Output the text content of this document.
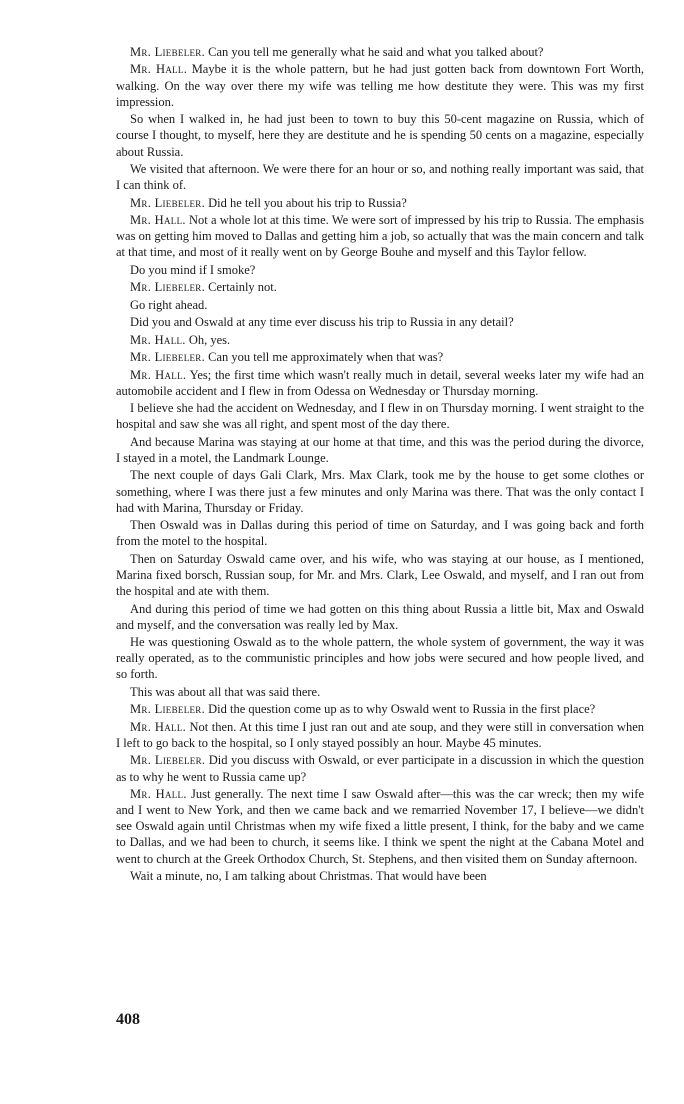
Mr. Liebeler. Can you tell me generally what he said and what you talked about?

Mr. Hall. Maybe it is the whole pattern, but he had just gotten back from downtown Fort Worth, walking. On the way over there my wife was telling me how destitute they were. This was my first impression.

So when I walked in, he had just been to town to buy this 50-cent magazine on Russia, which of course I thought, to myself, here they are destitute and he is spending 50 cents on a magazine, especially about Russia.

We visited that afternoon. We were there for an hour or so, and nothing really important was said, that I can think of.

Mr. Liebeler. Did he tell you about his trip to Russia?

Mr. Hall. Not a whole lot at this time. We were sort of impressed by his trip to Russia. The emphasis was on getting him moved to Dallas and getting him a job, so actually that was the main concern and talk at that time, and most of it really went on by George Bouhe and myself and this Taylor fellow.

Do you mind if I smoke?

Mr. Liebeler. Certainly not.

Go right ahead.

Did you and Oswald at any time ever discuss his trip to Russia in any detail?

Mr. Hall. Oh, yes.

Mr. Liebeler. Can you tell me approximately when that was?

Mr. Hall. Yes; the first time which wasn't really much in detail, several weeks later my wife had an automobile accident and I flew in from Odessa on Wednesday or Thursday morning.

I believe she had the accident on Wednesday, and I flew in on Thursday morning. I went straight to the hospital and saw she was all right, and spent most of the day there.

And because Marina was staying at our home at that time, and this was the period during the divorce, I stayed in a motel, the Landmark Lounge.

The next couple of days Gali Clark, Mrs. Max Clark, took me by the house to get some clothes or something, where I was there just a few minutes and only Marina was there. That was the only contact I had with Marina, Thursday or Friday.

Then Oswald was in Dallas during this period of time on Saturday, and I was going back and forth from the motel to the hospital.

Then on Saturday Oswald came over, and his wife, who was staying at our house, as I mentioned, Marina fixed borsch, Russian soup, for Mr. and Mrs. Clark, Lee Oswald, and myself, and I ran out from the hospital and ate with them.

And during this period of time we had gotten on this thing about Russia a little bit, Max and Oswald and myself, and the conversation was really led by Max.

He was questioning Oswald as to the whole pattern, the whole system of government, the way it was really operated, as to the communistic principles and how jobs were secured and how people lived, and so forth.

This was about all that was said there.

Mr. Liebeler. Did the question come up as to why Oswald went to Russia in the first place?

Mr. Hall. Not then. At this time I just ran out and ate soup, and they were still in conversation when I left to go back to the hospital, so I only stayed possibly an hour. Maybe 45 minutes.

Mr. Liebeler. Did you discuss with Oswald, or ever participate in a discussion in which the question as to why he went to Russia came up?

Mr. Hall. Just generally. The next time I saw Oswald after—this was the car wreck; then my wife and I went to New York, and then we came back and we remarried November 17, I believe—we didn't see Oswald again until Christmas when my wife fixed a little present, I think, for the baby and we came to Dallas, and we had been to church, it seems like. I think we spent the night at the Cabana Motel and went to church at the Greek Orthodox Church, St. Stephens, and then visited them on Sunday afternoon.

Wait a minute, no, I am talking about Christmas. That would have been

408
